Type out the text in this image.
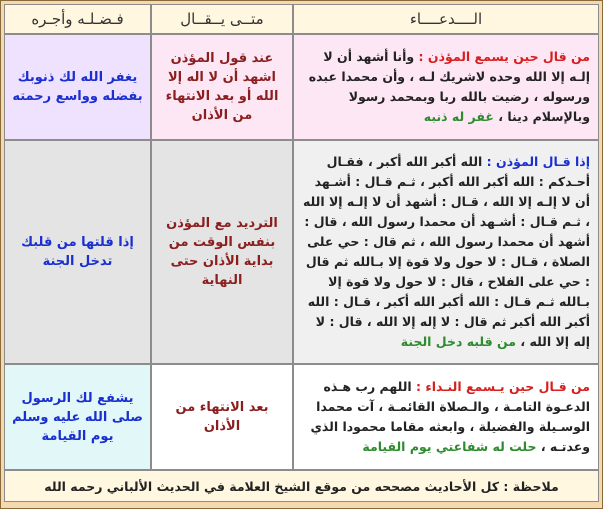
الــــدعــــاء	متــى يــقــال	فـضـلـه وأجـره
من قال حين يسمع المؤذن : وأنا أشهد أن لا إلـه إلا الله وحده لاشريك لـه ، وأن محمدا عبده ورسوله ، رضيت بالله ربا وبمحمد رسولا وبالإسلام دينا ، غفر له ذنبه	عند قول المؤذن اشهد أن لا اله إلا الله أو بعد الانتهاء من الأذان	يغفر الله لك ذنوبك بفضله وواسع رحمته
إذا قـال المؤذن : الله أكبر الله أكبر ، فقـال أحـدكم : الله أكبر الله أكبر ، ثـم قـال : أشـهد أن لا إلـه إلا الله ، قـال : أشهد أن لا إلـه إلا الله ، ثـم قـال : أشـهد أن محمدا رسول الله ، قال : أشهد أن محمدا رسول الله ، ثم قال : حي على الصلاة ، قـال : لا حول ولا قوة إلا بـالله ثم قال : حي على الفلاح ، قال : لا حول ولا قوة إلا بـالله ثـم قـال : الله أكبر الله أكبر ، قـال : الله أكبر الله أكبر ثم قال : لا إله إلا الله ، قال : لا إله إلا الله ، من قلبه دخل الجنة	الترديد مع المؤذن بنفس الوقت من بداية الأذان حتى النهاية	إذا قلتها من قلبك تدخل الجنة
من قـال حين يـسمع النـداء : اللهم رب هـذه الدعـوة التامـة ، والـصلاة القائمـة ، آت محمدا الوسـيلة والفضيلة ، وابعثه مقاما محمودا الذي وعدتـه ، حلت له شفاعتي يوم القيامة	بعد الانتهاء من الأذان	يشفع لك الرسول صلى الله عليه وسلم يوم القيامة
ملاحظة : كل الأحاديث مصححه من موقع الشيخ العلامة في الحديث الألباني رحمه الله		
